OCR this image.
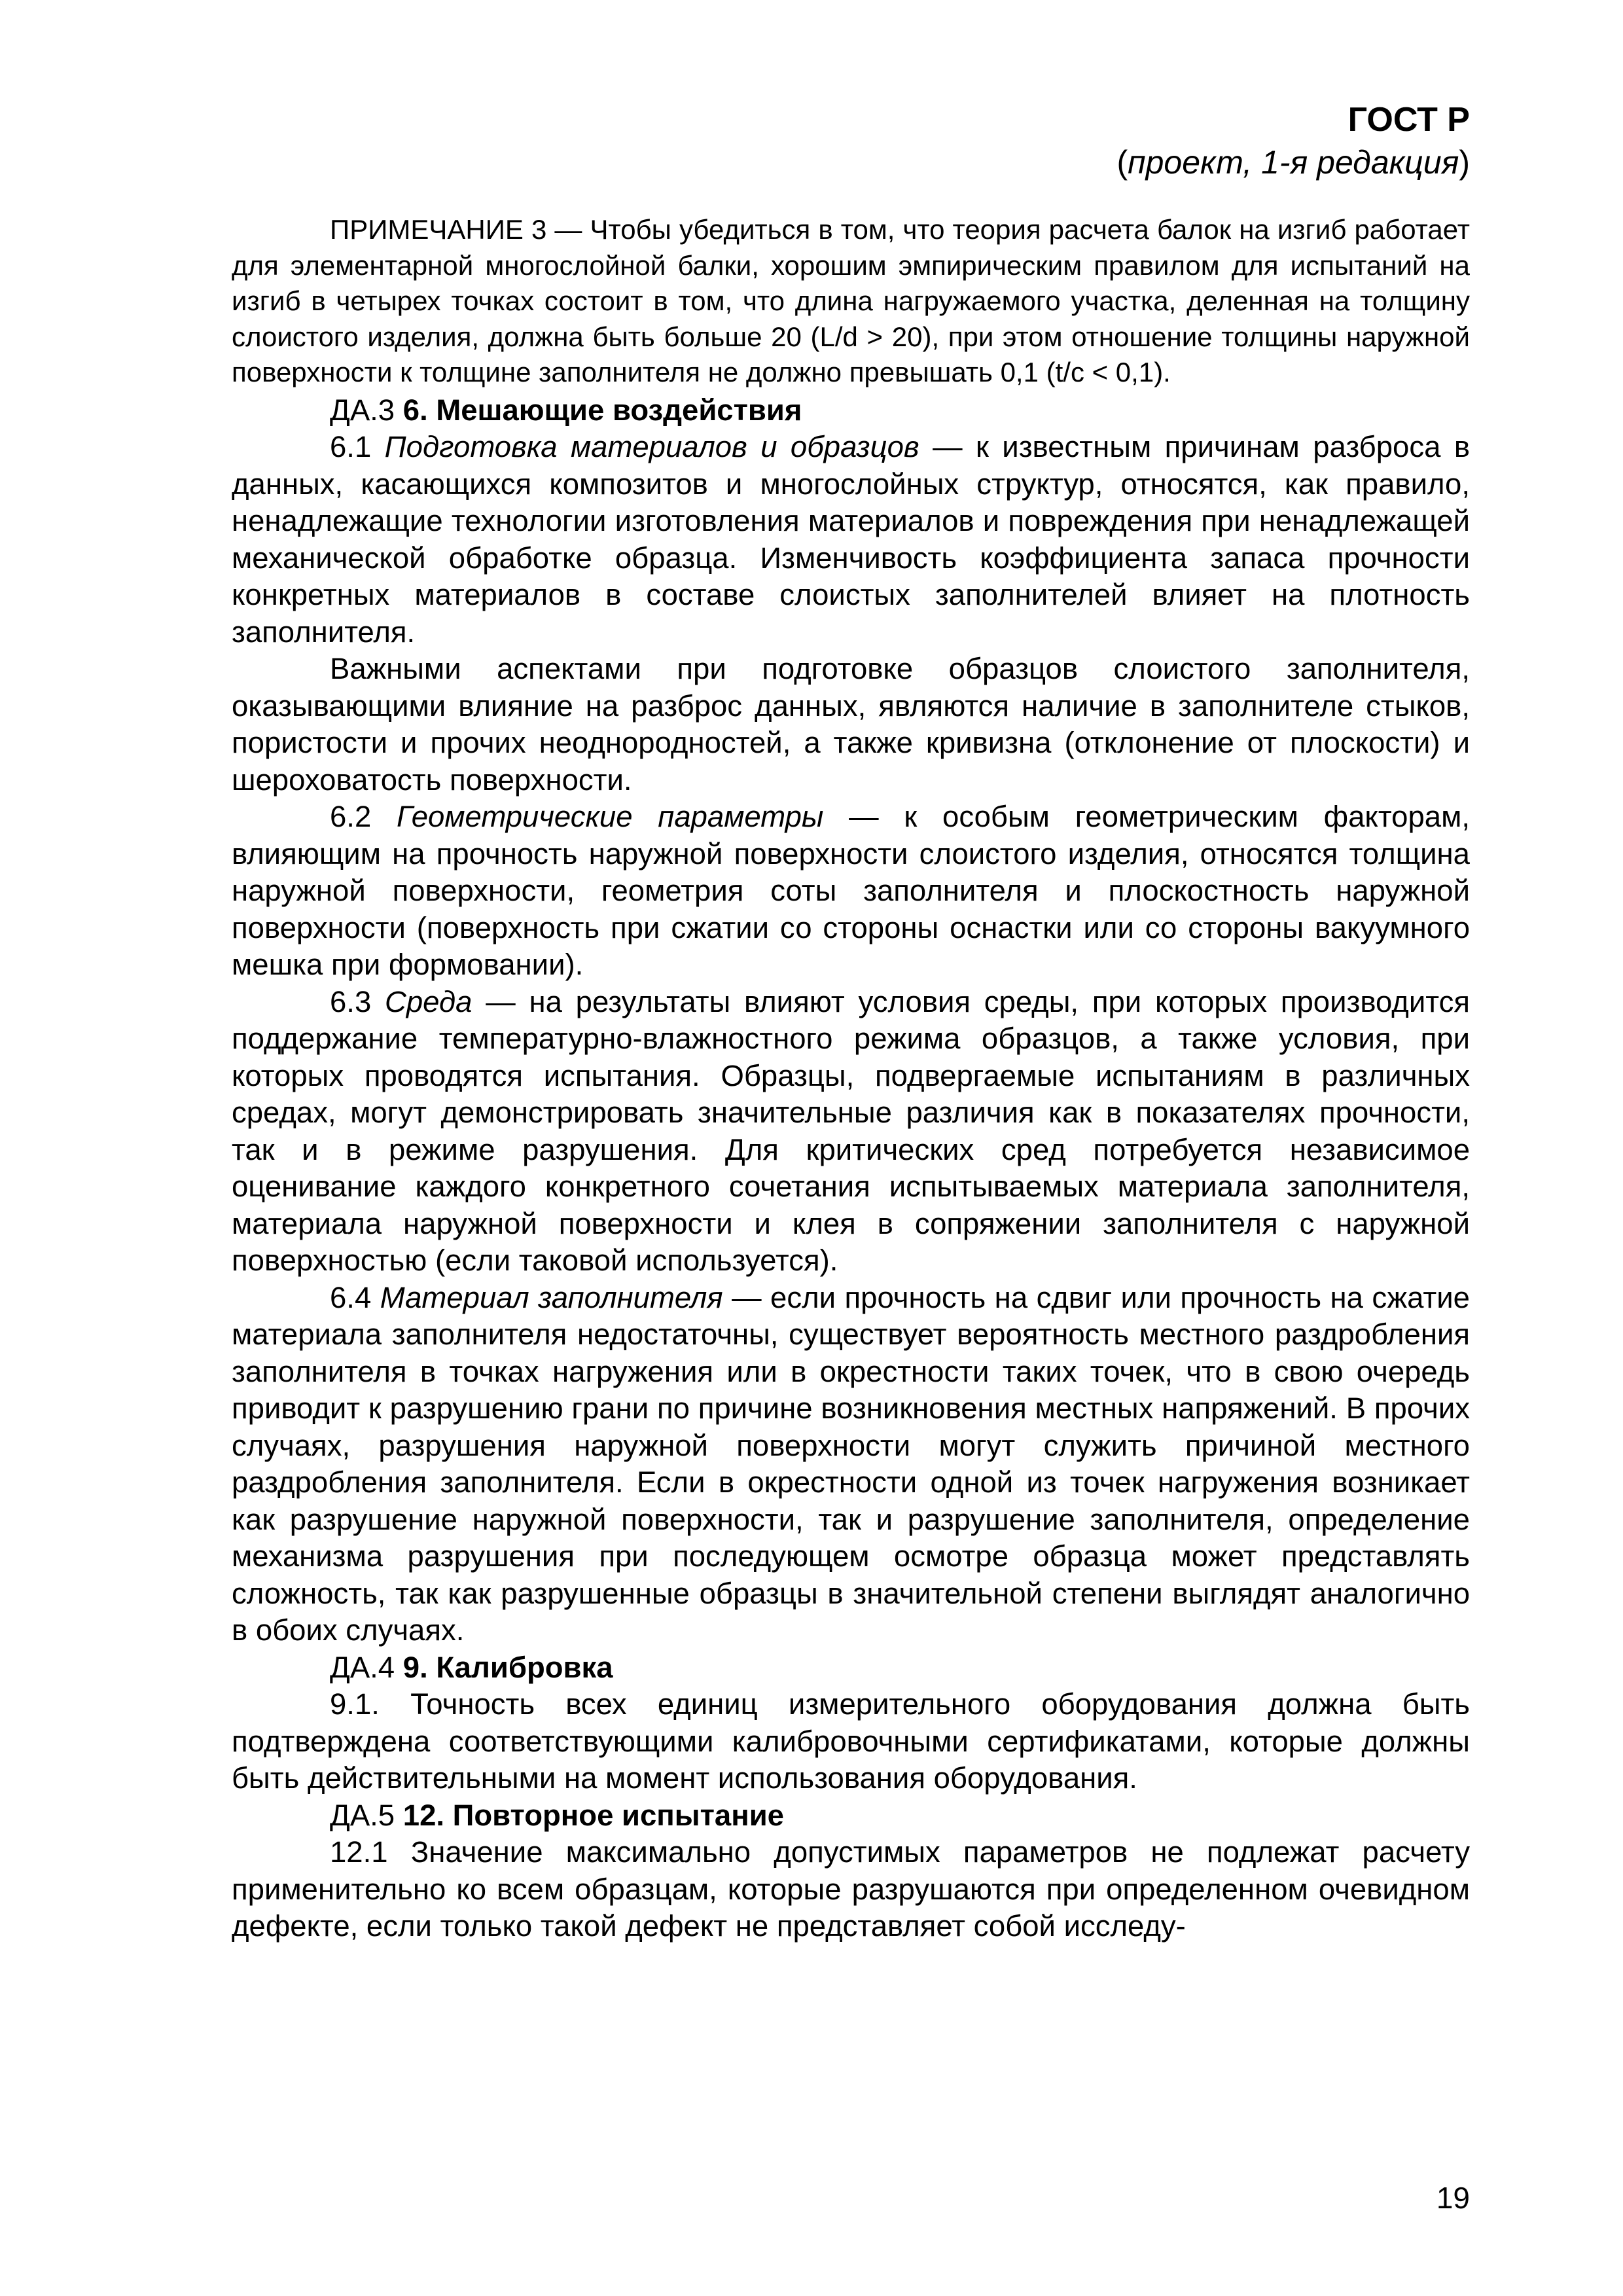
ГОСТ Р
(проект, 1-я редакция)

ПРИМЕЧАНИЕ 3 — Чтобы убедиться в том, что теория расчета балок на изгиб работает для элементарной многослойной балки, хорошим эмпирическим правилом для испытаний на изгиб в четырех точках состоит в том, что длина нагружаемого участка, деленная на толщину слоистого изделия, должна быть больше 20 (L/d > 20), при этом отношение толщины наружной поверхности к толщине заполнителя не должно превышать 0,1 (t/c < 0,1).

ДА.3 6. Мешающие воздействия

6.1 Подготовка материалов и образцов — к известным причинам разброса в данных, касающихся композитов и многослойных структур, относятся, как правило, ненадлежащие технологии изготовления материалов и повреждения при ненадлежащей механической обработке образца. Изменчивость коэффициента запаса прочности конкретных материалов в составе слоистых заполнителей влияет на плотность заполнителя.

Важными аспектами при подготовке образцов слоистого заполнителя, оказывающими влияние на разброс данных, являются наличие в заполнителе стыков, пористости и прочих неоднородностей, а также кривизна (отклонение от плоскости) и шероховатость поверхности.

6.2 Геометрические параметры — к особым геометрическим факторам, влияющим на прочность наружной поверхности слоистого изделия, относятся толщина наружной поверхности, геометрия соты заполнителя и плоскостность наружной поверхности (поверхность при сжатии со стороны оснастки или со стороны вакуумного мешка при формовании).

6.3 Среда — на результаты влияют условия среды, при которых производится поддержание температурно-влажностного режима образцов, а также условия, при которых проводятся испытания. Образцы, подвергаемые испытаниям в различных средах, могут демонстрировать значительные различия как в показателях прочности, так и в режиме разрушения. Для критических сред потребуется независимое оценивание каждого конкретного сочетания испытываемых материала заполнителя, материала наружной поверхности и клея в сопряжении заполнителя с наружной поверхностью (если таковой используется).

6.4 Материал заполнителя — если прочность на сдвиг или прочность на сжатие материала заполнителя недостаточны, существует вероятность местного раздробления заполнителя в точках нагружения или в окрестности таких точек, что в свою очередь приводит к разрушению грани по причине возникновения местных напряжений. В прочих случаях, разрушения наружной поверхности могут служить причиной местного раздробления заполнителя. Если в окрестности одной из точек нагружения возникает как разрушение наружной поверхности, так и разрушение заполнителя, определение механизма разрушения при последующем осмотре образца может представлять сложность, так как разрушенные образцы в значительной степени выглядят аналогично в обоих случаях.

ДА.4 9. Калибровка

9.1. Точность всех единиц измерительного оборудования должна быть подтверждена соответствующими калибровочными сертификатами, которые должны быть действительными на момент использования оборудования.

ДА.5 12. Повторное испытание

12.1 Значение максимально допустимых параметров не подлежат расчету применительно ко всем образцам, которые разрушаются при определенном очевидном дефекте, если только такой дефект не представляет собой исследу-

19
